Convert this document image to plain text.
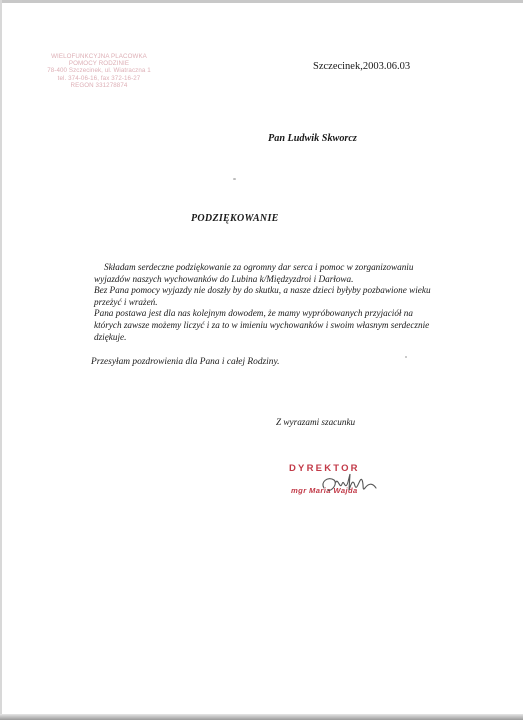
WIELOFUNKCYJNA PLACÓWKA
POMOCY RODZINIE
78-400 Szczecinek, ul. Wiatraczna 1
tel. 374-06-16, fax 372-16-27
REGON 331278874
Szczecinek,2003.06.03
Pan Ludwik Skworcz
PODZIĘKOWANIE
Składam serdeczne podziękowanie za ogromny dar serca i pomoc w zorganizowaniu
wyjazdów naszych wychowanków do Lubina k/Międzyzdroi i Darłowa.
Bez Pana pomocy wyjazdy nie doszły by do skutku, a nasze dzieci byłyby pozbawione wieku
przeżyć i wrażeń.
Pana postawa jest dla nas kolejnym dowodem, że mamy wypróbowanych przyjaciół na
których zawsze możemy liczyć i za to w imieniu wychowanków i swoim własnym serdecznie
dziękuje.
Przesyłam pozdrowienia dla Pana i całej Rodziny.
Z wyrazami szacunku
DYREKTOR
mgr Maria Wajda
